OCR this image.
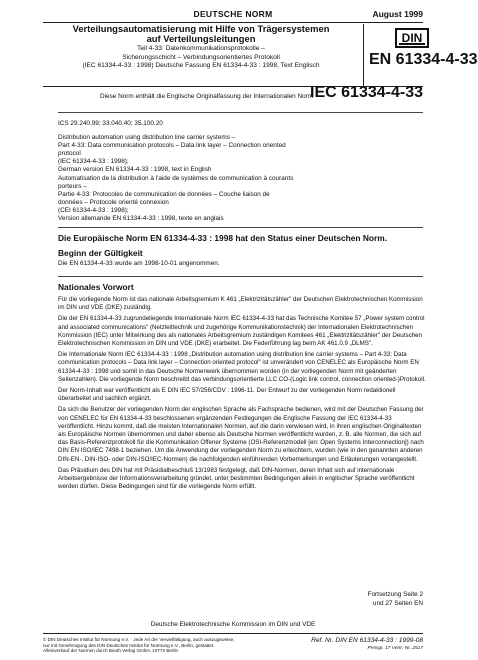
DEUTSCHE NORM	August 1999
Verteilungsautomatisierung mit Hilfe von Trägersystemen
auf Verteilungsleitungen
Teil 4-33: Datenkommunikationsprotokolle –
Sicherungsschicht – Verbindungsorientiertes Protokoll
(IEC 61334-4-33 : 1998) Deutsche Fassung EN 61334-4-33 : 1998, Text Englisch
DIN
EN 61334-4-33
Diese Norm enthält die Englische Originalfassung der Internationalen Norm
IEC 61334-4-33
ICS 29.240.99; 33.040.40; 35.100.20
Distribution automation using distribution line carrier systems –
Part 4-33: Data communication protocols – Data link layer – Connection oriented
protocol
(IEC 61334-4-33 : 1998);
German version EN 61334-4-33 : 1998, text in English
Automatisation de la distribution à l'aide de systèmes de communication à courants
porteurs –
Partie 4-33: Protocoles de communication de données – Couche liaison de
données – Protocole orienté connexion
(CEI 61334-4-33 : 1998);
Version allemande EN 61334-4-33 : 1998, texte en anglais
Die Europäische Norm EN 61334-4-33 : 1998 hat den Status einer Deutschen Norm.
Beginn der Gültigkeit
Die EN 61334-4-33 wurde am 1998-10-01 angenommen.
Nationales Vorwort

Für die vorliegende Norm ist das nationale Arbeitsgremium K 461 „Elektrizitätszähler" der Deutschen Elektrotechnischen Kommission im DIN und VDE (DKE) zuständig.

Die der EN 61334-4-33 zugrundeliegende Internationale Norm IEC 61334-4-33 hat das Technische Komitee 57 „Power system control and associated communications" (Netzleittechnik und zugehörige Kommunikationstechnik) der Internationalen Elektrotechnischen Kommission (IEC) unter Mitwirkung des als nationales Arbeitsgremium zuständigen Komitees 461 „Elektrizitätszähler" der Deutschen Elektrotechnischen Kommission im DIN und VDE (DKE) erarbeitet. Die Federführung lag beim AK 461.0.9 „DLMS".

Die Internationale Norm IEC 61334-4-33 : 1998 „Distribution automation using distribution line carrier systems – Part 4-33: Data communication protocols – Data link layer – Connection oriented protocol" ist unverändert von CENELEC als Europäische Norm EN 61334-4-33 : 1998 und somit in das Deutsche Normenwerk übernommen worden (in der vorliegenden Norm mit geänderten Seitenzahlen). Die vorliegende Norm beschreibt das verbindungsorientierte LLC CO-(Logic link control, connection oriented-)Protokoll.

Der Norm-Inhalt war veröffentlicht als E DIN IEC 57/256/CDV : 1996-11. Der Entwurf zu der vorliegenden Norm redaktionell überarbeitet und sachlich ergänzt.

Da sich die Benutzer der vorliegenden Norm der englischen Sprache als Fachsprache bedienen, wird mit der Deutschen Fassung der von CENELEC für EN 61334-4-33 beschlossenen ergänzenden Festlegungen die Englische Fassung der IEC 61334-4-33 veröffentlicht. Hinzu kommt, daß die meisten Internationalen Normen, auf die darin verwiesen wird, in ihren englischen Originaltexten als Europäische Normen übernommen und daher ebenso als Deutsche Normen veröffentlicht wurden, z. B. alle Normen, die sich auf das Basis-Referenzprotokoll für die Kommunikation Offener Systeme (OSI-Referenzmodell [en: Open Systems Interconnection]) nach DIN EN ISO/IEC 7498-1 beziehen. Um die Anwendung der vorliegenden Norm zu erleichtern, wurden (wie in den genannten anderen DIN-EN-, DIN-ISO- oder DIN-ISO/IEC-Normen) die nachfolgenden einführenden Vorbemerkungen und Erläuterungen vorangestellt.

Das Präsidium des DIN hat mit Präsidialbeschluß 13/1983 festgelegt, daß DIN-Normen, deren Inhalt sich auf internationale Arbeitsergebnisse der Informationsverarbeitung gründet, unter bestimmten Bedingungen allein in englischer Sprache veröffentlicht werden dürfen. Diese Bedingungen sind für die vorliegende Norm erfüllt.

Fortsetzung Seite 2
und 27 Seiten EN
Deutsche Elektrotechnische Kommission im DIN und VDE
© DIN Deutsches Institut für Normung e.V. · Jede Art der Vervielfältigung, auch auszugsweise,
nur mit Genehmigung des DIN Deutsches Institut für Normung e.V., Berlin, gestattet.
Alleinverkauf der Normen durch Beuth Verlag GmbH, 10772 Berlin
Ref. Nr. DIN EN 61334-4-33 : 1999-08
Preisgr. 17 Vertr.-Nr. 2517
